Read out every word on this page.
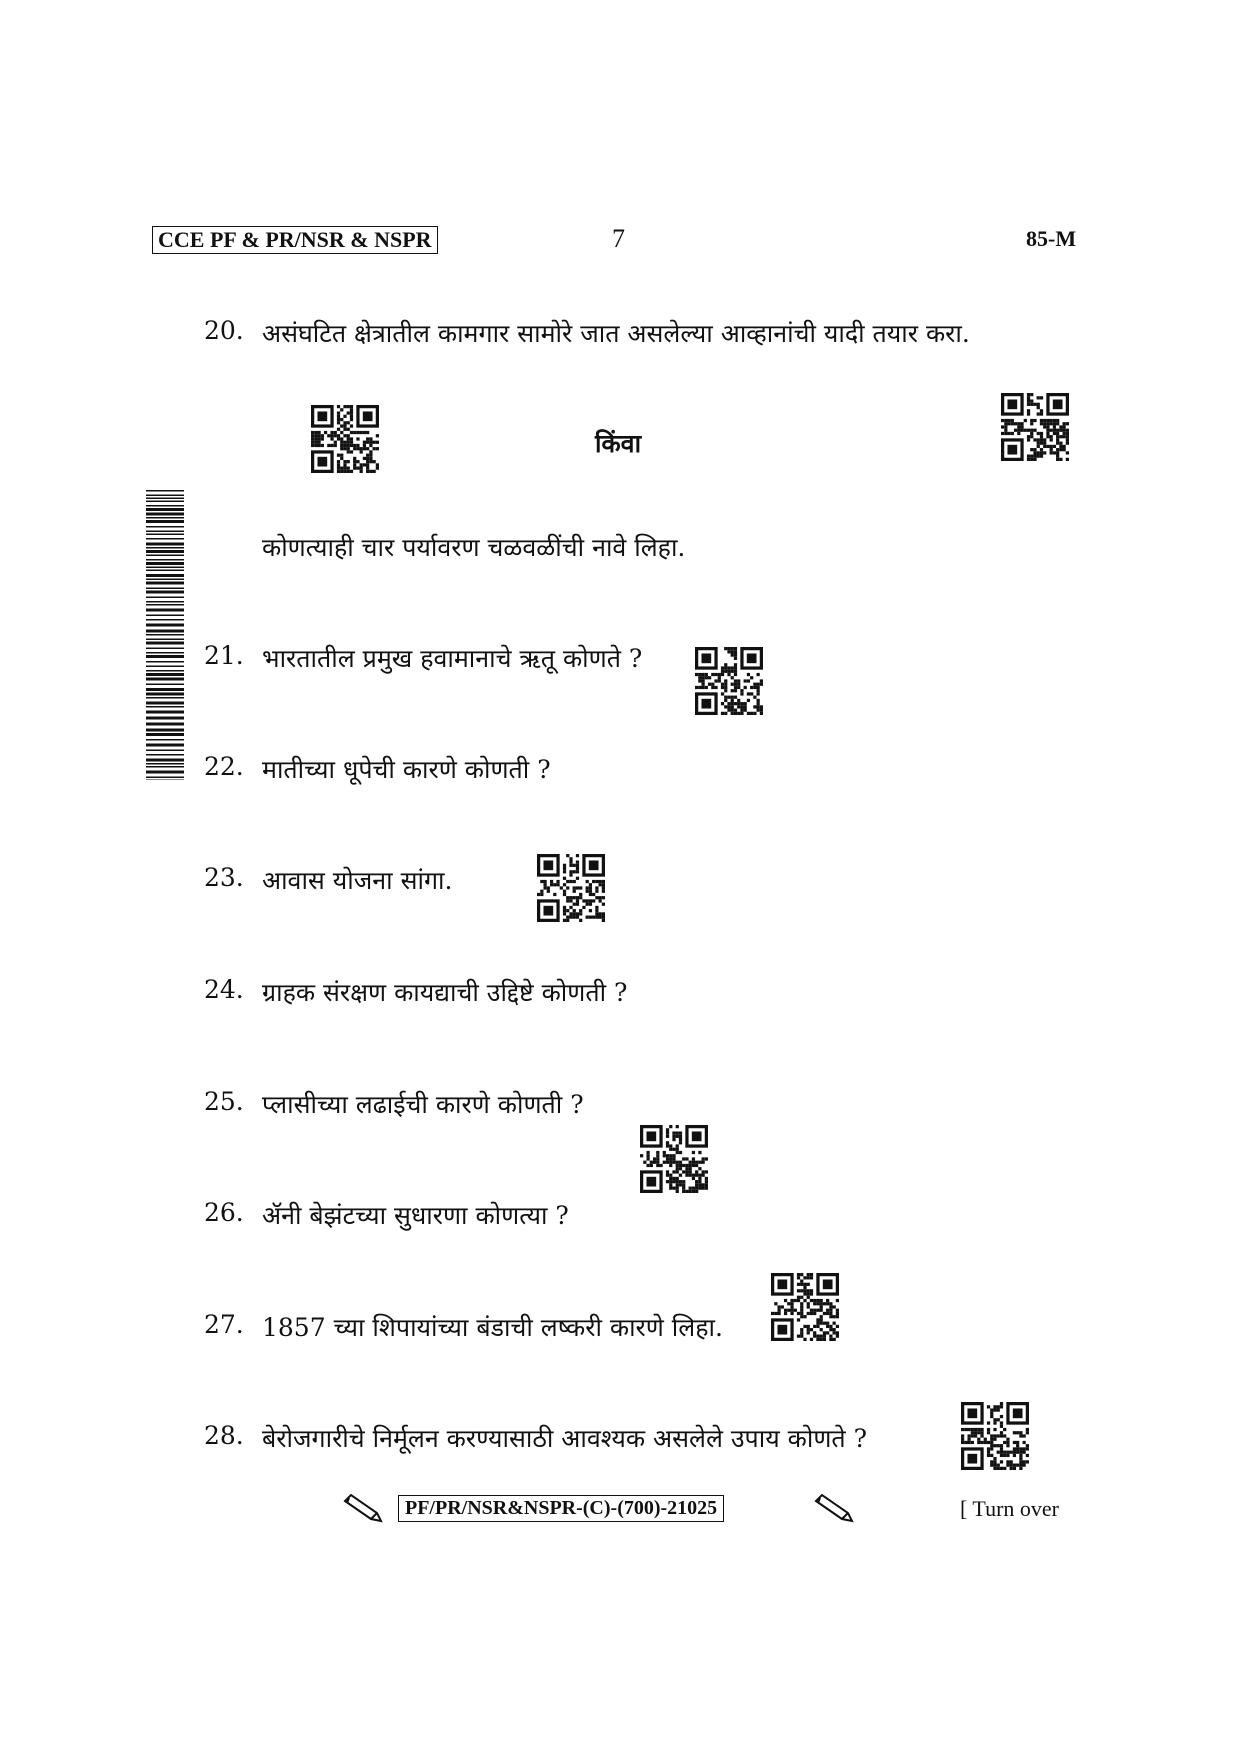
CCE PF & PR/NSR & NSPR	7	85-M
20. असंघटित क्षेत्रातील कामगार सामोरे जात असलेल्या आव्हानांची यादी तयार करा.
किंवा
कोणत्याही चार पर्यावरण चळवळींची नावे लिहा.
21. भारतातील प्रमुख हवामानाचे ऋतू कोणते ?
22. मातीच्या धूपेची कारणे कोणती ?
23. आवास योजना सांगा.
24. ग्राहक संरक्षण कायद्याची उद्दिष्टे कोणती ?
25. प्लासीच्या लढाईची कारणे कोणती ?
26. ॲनी बेझंटच्या सुधारणा कोणत्या ?
27. 1857 च्या शिपायांच्या बंडाची लष्करी कारणे लिहा.
28. बेरोजगारीचे निर्मूलन करण्यासाठी आवश्यक असलेले उपाय कोणते ?
PF/PR/NSR&NSPR-(C)-(700)-21025	[ Turn over
